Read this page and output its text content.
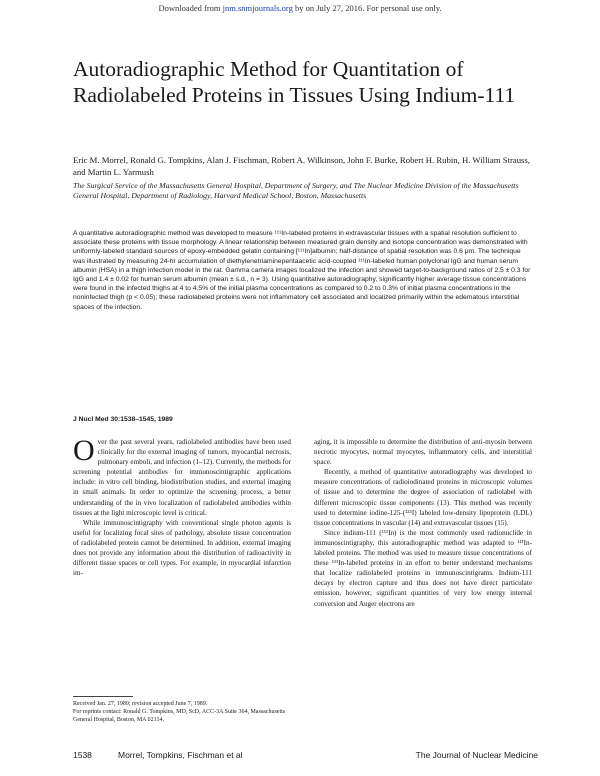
Downloaded from jnm.snmjournals.org by on July 27, 2016. For personal use only.
Autoradiographic Method for Quantitation of Radiolabeled Proteins in Tissues Using Indium-111
Eric M. Morrel, Ronald G. Tompkins, Alan J. Fischman, Robert A. Wilkinson, John F. Burke, Robert H. Rubin, H. William Strauss, and Martin L. Yarmush
The Surgical Service of the Massachusetts General Hospital, Department of Surgery, and The Nuclear Medicine Division of the Massachusetts General Hospital, Department of Radiology, Harvard Medical School, Boston, Massachusetts
A quantitative autoradiographic method was developed to measure ¹¹¹In-labeled proteins in extravascular tissues with a spatial resolution sufficient to associate these proteins with tissue morphology. A linear relationship between measured grain density and isotope concentration was demonstrated with uniformly-labeled standard sources of epoxy-embedded gelatin containing [¹¹¹In]albumin; half-distance of spatial resolution was 0.6 μm. The technique was illustrated by measuring 24-hr accumulation of diethylenetriaminepentaacetic acid-coupled ¹¹¹In-labeled human polyclonal IgG and human serum albumin (HSA) in a thigh infection model in the rat. Gamma camera images localized the infection and showed target-to-background ratios of 2.5 ± 0.3 for IgG and 1.4 ± 0.02 for human serum albumin (mean ± s.d., n = 3). Using quantitative autoradiography, significantly higher average tissue concentrations were found in the infected thighs at 4 to 4.5% of the initial plasma concentrations as compared to 0.2 to 0.3% of initial plasma concentrations in the noninfected thigh (p < 0.05); these radiolabeled proteins were not inflammatory cell associated and localized primarily within the edematous interstitial spaces of the infection.
J Nucl Med 30:1538–1545, 1989

Over the past several years, radiolabeled antibodies have been used clinically for the external imaging of tumors, myocardial necrosis, pulmonary emboli, and infection (1–12). Currently, the methods for screening potential antibodies for immunoscintigraphic applications include: in vitro cell binding, biodistribution studies, and external imaging in small animals. In order to optimize the screening process, a better understanding of the in vivo localization of radiolabeled antibodies within tissues at the light microscopic level is critical.

While immunoscintigraphy with conventional single photon agents is useful for localizing focal sites of pathology, absolute tissue concentration of radiolabeled protein cannot be determined. In addition, external imaging does not provide any information about the distribution of radioactivity in different tissue spaces or cell types. For example, in myocardial infarction im-

aging, it is impossible to determine the distribution of anti-myosin between necrotic myocytes, normal myocytes, inflammatory cells, and interstitial space.

Recently, a method of quantitative autoradiography was developed to measure concentrations of radioiodinated proteins in microscopic volumes of tissue and to determine the degree of association of radiolabel with different microscopic tissue components (13). This method was recently used to determine iodine-125-(¹²⁵I) labeled low-density lipoprotein (LDL) tissue concentrations in vascular (14) and extravascular tissues (15).

Since indium-111 (¹¹¹In) is the most commonly used radionuclide in immunoscintigraphy, this autoradiographic method was adapted to ¹¹¹In-labeled proteins. The method was used to measure tissue concentrations of these ¹¹¹In-labeled proteins in an effort to better understand mechanisms that localize radiolabeled proteins in immunoscintigrams. Indium-111 decays by electron capture and thus does not have direct particulate emission, however, significant quantities of very low energy internal conversion and Auger electrons are

Received Jan. 27, 1989; revision accepted June 7, 1989.

For reprints contact: Ronald G. Tompkins, MD, ScD, ACC-3A Suite 364, Massachusetts General Hospital, Boston, MA 02114.

1538	Morrel, Tompkins, Fischman et al	The Journal of Nuclear Medicine
